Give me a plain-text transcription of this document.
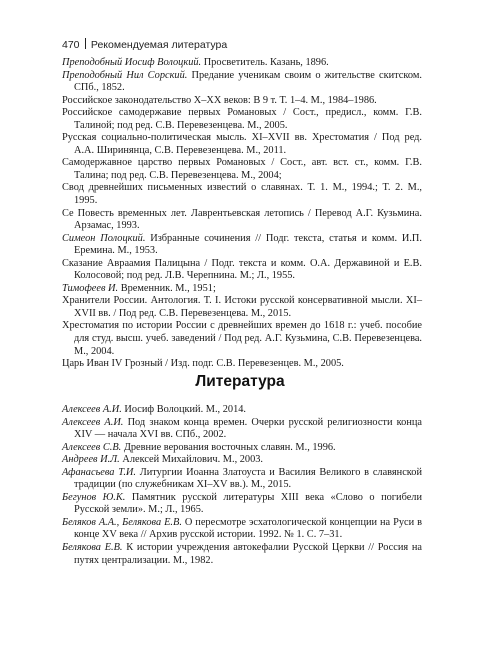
470 Рекомендуемая литература

Преподобный Иосиф Волоцкий. Просветитель. Казань, 1896.

Преподобный Нил Сорский. Предание ученикам своим о жительстве скитском. СПб., 1852.

Российское законодательство X–XX веков: В 9 т. Т. 1–4. М., 1984–1986.

Российское самодержавие первых Романовых / Сост., предисл., комм. Г.В. Талиной; под ред. С.В. Перевезенцева. М., 2005.

Русская социально-политическая мысль. XI–XVII вв. Хрестоматия / Под ред. А.А. Ширинянца, С.В. Перевезенцева. М., 2011.

Самодержавное царство первых Романовых / Сост., авт. вст. ст., комм. Г.В. Талина; под ред. С.В. Перевезенцева. М., 2004;

Свод древнейших письменных известий о славянах. Т. 1. М., 1994.; Т. 2. М., 1995.

Се Повесть временных лет. Лаврентьевская летопись / Перевод А.Г. Кузьмина. Арзамас, 1993.

Симеон Полоцкий. Избранные сочинения // Подг. текста, статья и комм. И.П. Еремина. М., 1953.

Сказание Авраамия Палицына / Подг. текста и комм. О.А. Державиной и Е.В. Колосовой; под ред. Л.В. Черепнина. М.; Л., 1955.

Тимофеев И. Временник. М., 1951;

Хранители России. Антология. Т. I. Истоки русской консервативной мысли. XI–XVII вв. / Под ред. С.В. Перевезенцева. М., 2015.

Хрестоматия по истории России с древнейших времен до 1618 г.: учеб. пособие для студ. высш. учеб. заведений / Под ред. А.Г. Кузьмина, С.В. Перевезенцева. М., 2004.

Царь Иван IV Грозный / Изд. подг. С.В. Перевезенцев. М., 2005.

Литература

Алексеев А.И. Иосиф Волоцкий. М., 2014.

Алексеев А.И. Под знаком конца времен. Очерки русской религиозности конца XIV — начала XVI вв. СПб., 2002.

Алексеев С.В. Древние верования восточных славян. М., 1996.

Андреев И.Л. Алексей Михайлович. М., 2003.

Афанасьева Т.И. Литургии Иоанна Златоуста и Василия Великого в славянской традиции (по служебникам XI–XV вв.). М., 2015.

Бегунов Ю.К. Памятник русской литературы XIII века «Слово о погибели Русской земли». М.; Л., 1965.

Беляков А.А., Белякова Е.В. О пересмотре эсхатологической концепции на Руси в конце XV века // Архив русской истории. 1992. № 1. С. 7–31.

Белякова Е.В. К истории учреждения автокефалии Русской Церкви // Россия на путях централизации. М., 1982.
